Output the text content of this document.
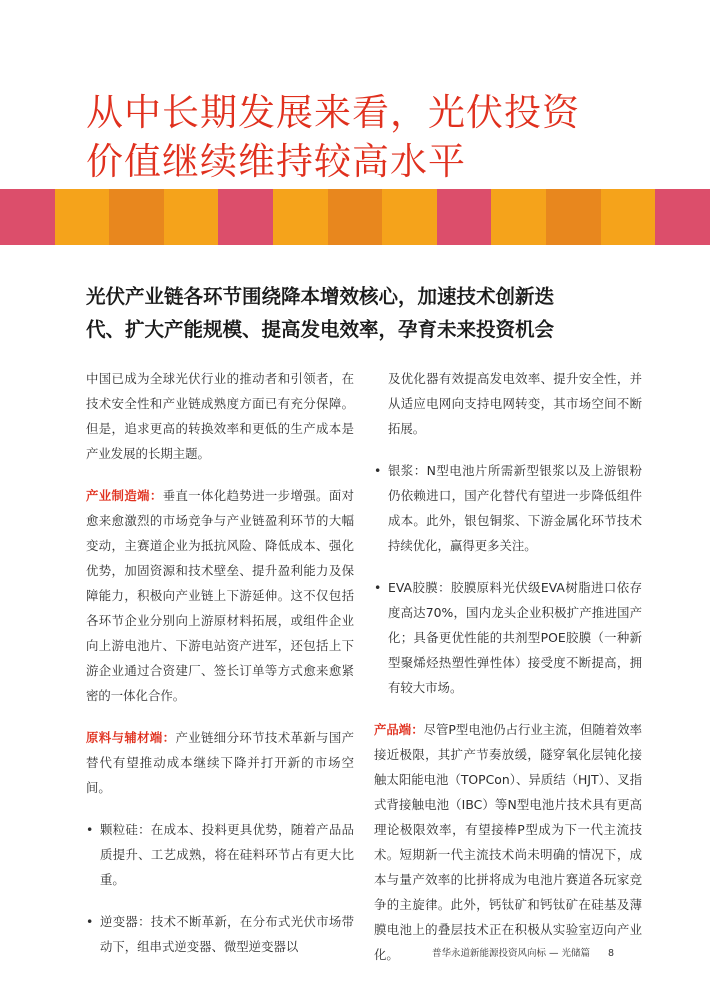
从中长期发展来看，光伏投资
价值继续维持较高水平
光伏产业链各环节围绕降本增效核心，加速技术创新迭
代、扩大产能规模、提高发电效率，孕育未来投资机会

中国已成为全球光伏行业的推动者和引领者，在技术安全性和产业链成熟度方面已有充分保障。但是，追求更高的转换效率和更低的生产成本是产业发展的长期主题。

产业制造端：垂直一体化趋势进一步增强。面对愈来愈激烈的市场竞争与产业链盈利环节的大幅变动，主赛道企业为抵抗风险、降低成本、强化优势，加固资源和技术壁垒、提升盈利能力及保障能力，积极向产业链上下游延伸。这不仅包括各环节企业分别向上游原材料拓展，或组件企业向上游电池片、下游电站资产进军，还包括上下游企业通过合资建厂、签长订单等方式愈来愈紧密的一体化合作。

原料与辅材端：产业链细分环节技术革新与国产替代有望推动成本继续下降并打开新的市场空间。

• 颗粒硅：在成本、投料更具优势，随着产品品质提升、工艺成熟，将在硅料环节占有更大比重。
• 逆变器：技术不断革新，在分布式光伏市场带动下，组串式逆变器、微型逆变器以
及优化器有效提高发电效率、提升安全性，并从适应电网向支持电网转变，其市场空间不断拓展。
• 银浆：N型电池片所需新型银浆以及上游银粉仍依赖进口，国产化替代有望进一步降低组件成本。此外，银包铜浆、下游金属化环节技术持续优化，赢得更多关注。
• EVA胶膜：胶膜原料光伏级EVA树脂进口依存度高达70%，国内龙头企业积极扩产推进国产化；具备更优性能的共剂型POE胶膜（一种新型聚烯烃热塑性弹性体）接受度不断提高，拥有较大市场。

产品端：尽管P型电池仍占行业主流，但随着效率接近极限，其扩产节奏放缓，隧穿氧化层钝化接触太阳能电池（TOPCon）、异质结（HJT）、叉指式背接触电池（IBC）等N型电池片技术具有更高理论极限效率，有望接棒P型成为下一代主流技术。短期新一代主流技术尚未明确的情况下，成本与量产效率的比拼将成为电池片赛道各玩家竞争的主旋律。此外，钙钛矿和钙钛矿在硅基及薄膜电池上的叠层技术正在积极从实验室迈向产业化。	普华永道新能源投资风向标 — 光储篇 8
